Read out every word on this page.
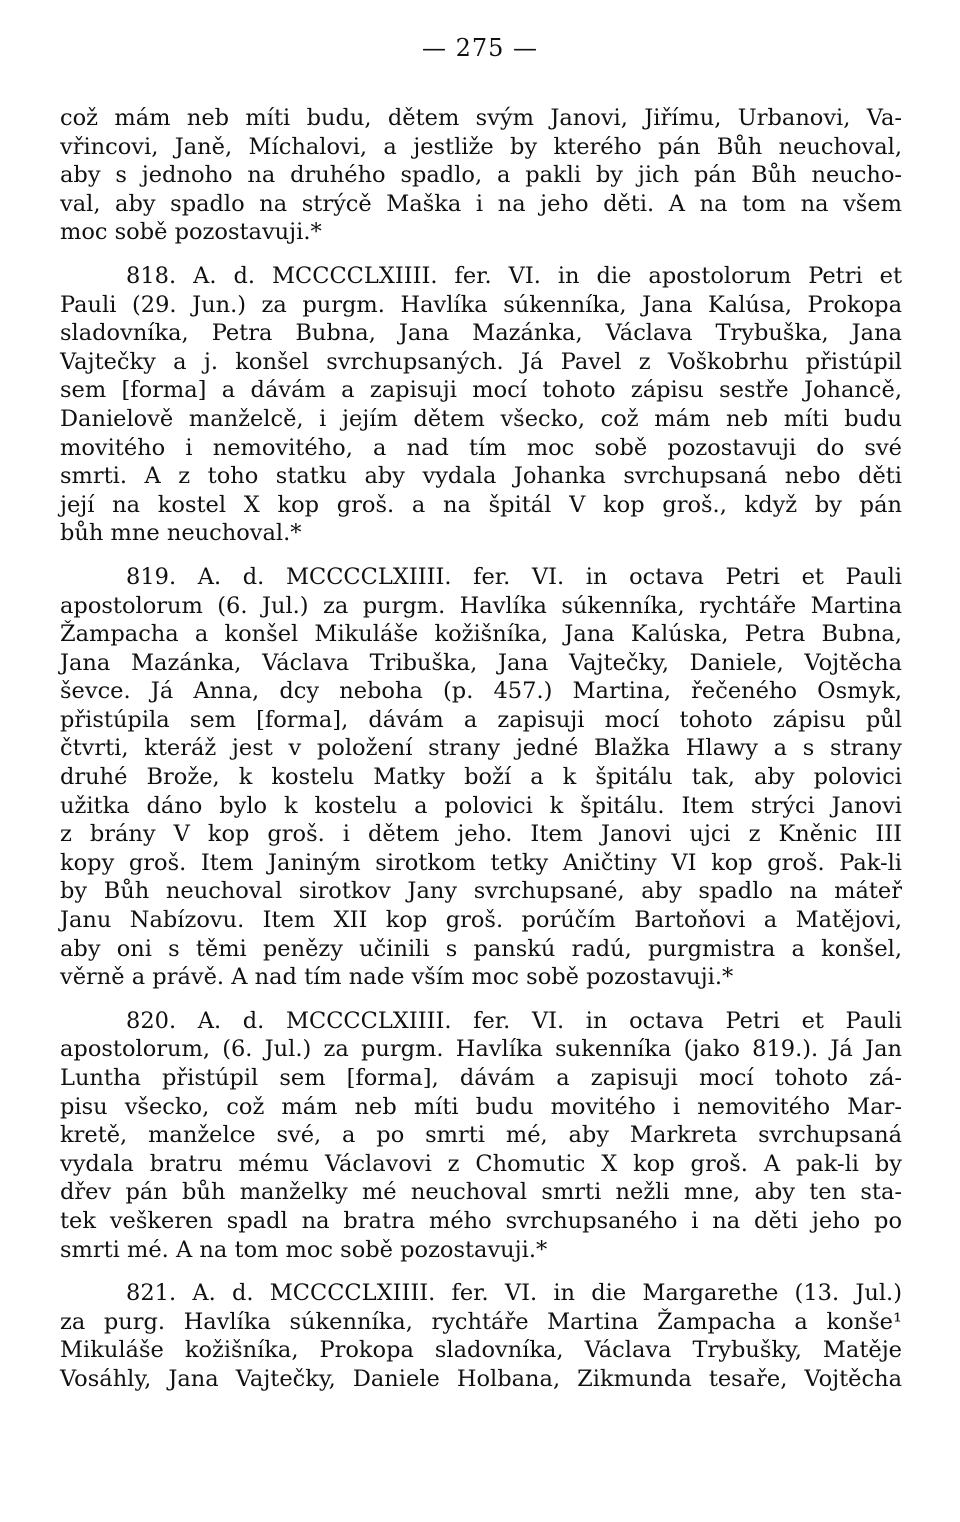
— 275 —
což mám neb míti budu, dětem svým Janovi, Jiřímu, Urbanovi, Va-
vřincovi, Janě, Míchalovi, a jestliže by kterého pán Bůh neuchoval,
aby s jednoho na druhého spadlo, a pakli by jich pán Bůh neucho-
val, aby spadlo na strýcě Maška i na jeho děti. A na tom na všem
moc sobě pozostavuji.*
818. A. d. MCCCCLXIIII. fer. VI. in die apostolorum Petri et
Pauli (29. Jun.) za purgm. Havlíka súkenníka, Jana Kalúsa, Prokopa
sladovníka, Petra Bubna, Jana Mazánka, Václava Trybuška, Jana
Vajtečky a j. konšel svrchupsaných. Já Pavel z Voškobrhu přistúpil
sem [forma] a dávám a zapisuji mocí tohoto zápisu sestře Johancě,
Danielově manželcě, i jejím dětem všecko, což mám neb míti budu
movitého i nemovitého, a nad tím moc sobě pozostavuji do své
smrti. A z toho statku aby vydala Johanka svrchupsaná nebo děti
její na kostel X kop groš. a na špitál V kop groš., když by pán
bůh mne neuchoval.*
819. A. d. MCCCCLXIIII. fer. VI. in octava Petri et Pauli
apostolorum (6. Jul.) za purgm. Havlíka súkenníka, rychtáře Martina
Žampacha a konšel Mikuláše kožišníka, Jana Kalúska, Petra Bubna,
Jana Mazánka, Václava Tribuška, Jana Vajtečky, Daniele, Vojtěcha
ševce. Já Anna, dcy neboha (p. 457.) Martina, řečeného Osmyk,
přistúpila sem [forma], dávám a zapisuji mocí tohoto zápisu půl
čtvrti, kteráž jest v položení strany jedné Blažka Hlawy a s strany
druhé Brože, k kostelu Matky boží a k špitálu tak, aby polovici
užitka dáno bylo k kostelu a polovici k špitálu. Item strýci Janovi
z brány V kop groš. i dětem jeho. Item Janovi ujci z Kněnic III
kopy groš. Item Janiným sirotkom tetky Aničtiny VI kop groš. Pak-li
by Bůh neuchoval sirotkov Jany svrchupsané, aby spadlo na máteř
Janu Nabízovu. Item XII kop groš. porúčím Bartoňovi a Matějovi,
aby oni s těmi penězy učinili s panskú radú, purgmistra a konšel,
věrně a právě. A nad tím nade vším moc sobě pozostavuji.*
820. A. d. MCCCCLXIIII. fer. VI. in octava Petri et Pauli
apostolorum, (6. Jul.) za purgm. Havlíka sukenníka (jako 819.). Já Jan
Luntha přistúpil sem [forma], dávám a zapisuji mocí tohoto zá-
pisu všecko, což mám neb míti budu movitého i nemovitého Mar-
kretě, manželce své, a po smrti mé, aby Markreta svrchupsaná
vydala bratru mému Václavovi z Chomutic X kop groš. A pak-li by
dřev pán bůh manželky mé neuchoval smrti nežli mne, aby ten sta-
tek veškeren spadl na bratra mého svrchupsaného i na děti jeho po
smrti mé. A na tom moc sobě pozostavuji.*
821. A. d. MCCCCLXIIII. fer. VI. in die Margarethe (13. Jul.)
za purg. Havlíka súkenníka, rychtáře Martina Žampacha a konše¹
Mikuláše kožišníka, Prokopa sladovníka, Václava Trybušky, Matěje
Vosáhly, Jana Vajtečky, Daniele Holbana, Zikmunda tesaře, Vojtěcha
